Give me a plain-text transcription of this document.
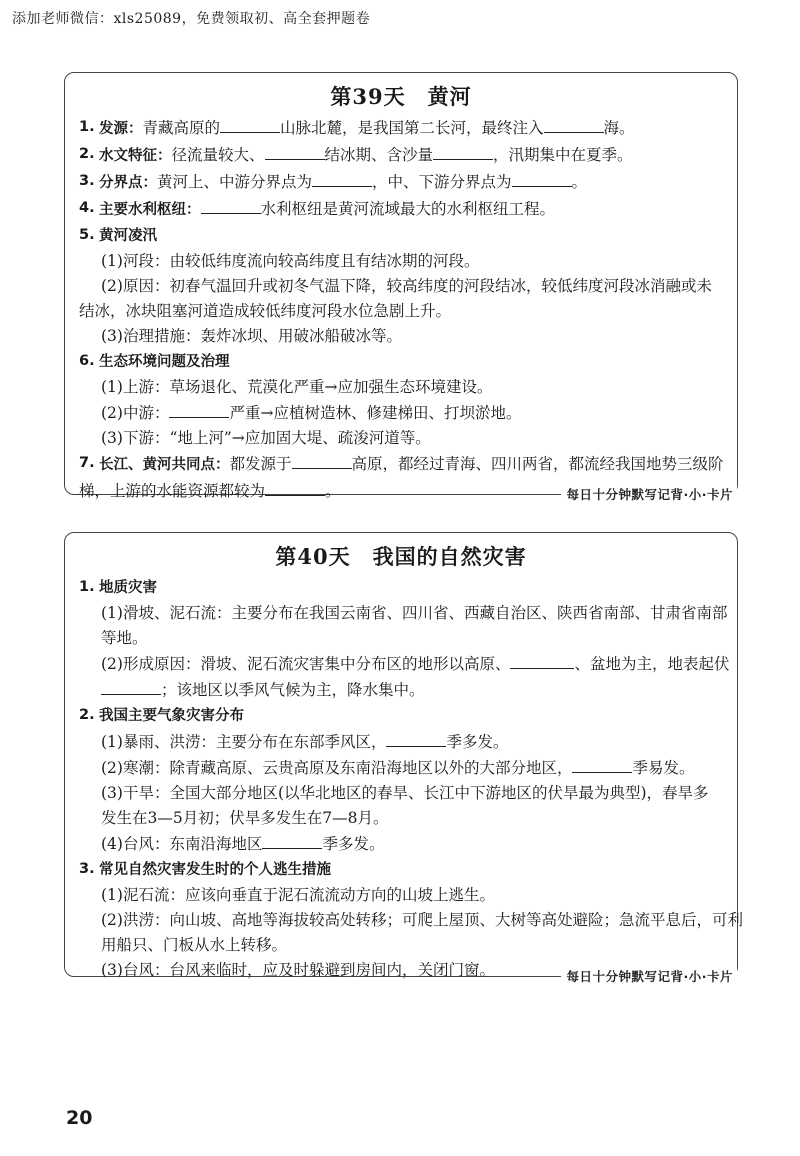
添加老师微信：xls25089，免费领取初、高全套押题卷
第39天 黄河
1. 发源：青藏高原的	山脉北麓，是我国第二长河，最终注入	海。
2. 水文特征：径流量较大、	结冰期、含沙量	，汛期集中在夏季。
3. 分界点：黄河上、中游分界点为	，中、下游分界点为	。
4. 主要水利枢纽：	水利枢纽是黄河流域最大的水利枢纽工程。
5. 黄河凌汛
(1)河段：由较低纬度流向较高纬度且有结冰期的河段。
(2)原因：初春气温回升或初冬气温下降，较高纬度的河段结冰，较低纬度河段冰消融或未
结冰，冰块阻塞河道造成较低纬度河段水位急剧上升。
(3)治理措施：轰炸冰坝、用破冰船破冰等。
6. 生态环境问题及治理
(1)上游：草场退化、荒漠化严重→应加强生态环境建设。
(2)中游：	严重→应植树造林、修建梯田、打坝淤地。
(3)下游：“地上河”→应加固大堤、疏浚河道等。
7. 长江、黄河共同点：都发源于	高原，都经过青海、四川两省，都流经我国地势三级阶
梯，上游的水能资源都较为	。	每日十分钟默写记背·小·卡片
第40天 我国的自然灾害
1. 地质灾害
(1)滑坡、泥石流：主要分布在我国云南省、四川省、西藏自治区、陕西省南部、甘肃省南部
等地。
(2)形成原因：滑坡、泥石流灾害集中分布区的地形以高原、	、盆地为主，地表起伏
；该地区以季风气候为主，降水集中。
2. 我国主要气象灾害分布
(1)暴雨、洪涝：主要分布在东部季风区，	季多发。
(2)寒潮：除青藏高原、云贵高原及东南沿海地区以外的大部分地区，	季易发。
(3)干旱：全国大部分地区(以华北地区的春旱、长江中下游地区的伏旱最为典型)，春旱多
发生在3—5月初；伏旱多发生在7—8月。
(4)台风：东南沿海地区	季多发。
3. 常见自然灾害发生时的个人逃生措施
(1)泥石流：应该向垂直于泥石流流动方向的山坡上逃生。
(2)洪涝：向山坡、高地等海拔较高处转移；可爬上屋顶、大树等高处避险；急流平息后，可利
用船只、门板从水上转移。
(3)台风：台风来临时，应及时躲避到房间内，关闭门窗。	每日十分钟默写记背·小·卡片
20
